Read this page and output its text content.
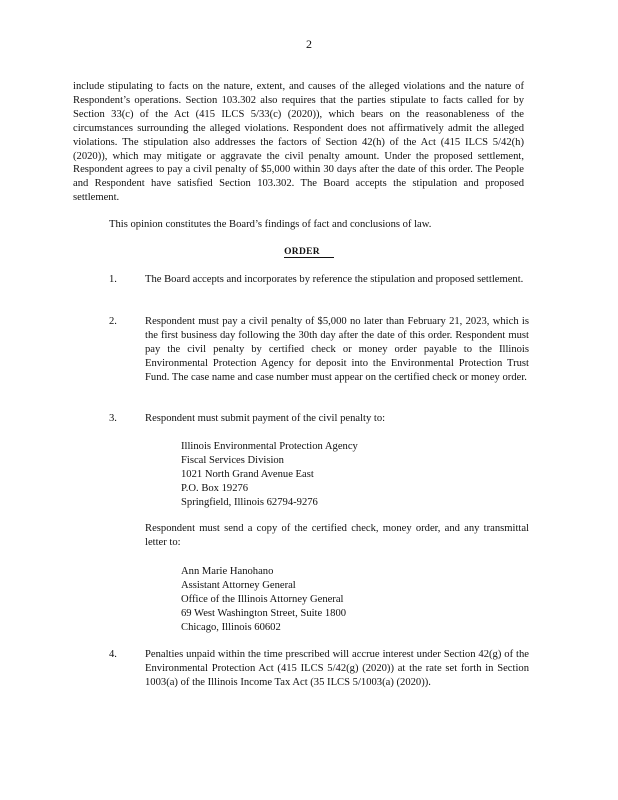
2

include stipulating to facts on the nature, extent, and causes of the alleged violations and the nature of Respondent’s operations. Section 103.302 also requires that the parties stipulate to facts called for by Section 33(c) of the Act (415 ILCS 5/33(c) (2020)), which bears on the reasonableness of the circumstances surrounding the alleged violations. Respondent does not affirmatively admit the alleged violations. The stipulation also addresses the factors of Section 42(h) of the Act (415 ILCS 5/42(h) (2020)), which may mitigate or aggravate the civil penalty amount. Under the proposed settlement, Respondent agrees to pay a civil penalty of $5,000 within 30 days after the date of this order. The People and Respondent have satisfied Section 103.302. The Board accepts the stipulation and proposed settlement.

This opinion constitutes the Board’s findings of fact and conclusions of law.

ORDER
1.	The Board accepts and incorporates by reference the stipulation and proposed settlement.

2.	Respondent must pay a civil penalty of $5,000 no later than February 21, 2023, which is the first business day following the 30th day after the date of this order. Respondent must pay the civil penalty by certified check or money order payable to the Illinois Environmental Protection Agency for deposit into the Environmental Protection Trust Fund. The case name and case number must appear on the certified check or money order.

3.	Respondent must submit payment of the civil penalty to:

Illinois Environmental Protection Agency
Fiscal Services Division
1021 North Grand Avenue East
P.O. Box 19276
Springfield, Illinois 62794-9276

Respondent must send a copy of the certified check, money order, and any transmittal letter to:

Ann Marie Hanohano
Assistant Attorney General
Office of the Illinois Attorney General
69 West Washington Street, Suite 1800
Chicago, Illinois 60602
4.	Penalties unpaid within the time prescribed will accrue interest under Section 42(g) of the Environmental Protection Act (415 ILCS 5/42(g) (2020)) at the rate set forth in Section 1003(a) of the Illinois Income Tax Act (35 ILCS 5/1003(a) (2020)).
